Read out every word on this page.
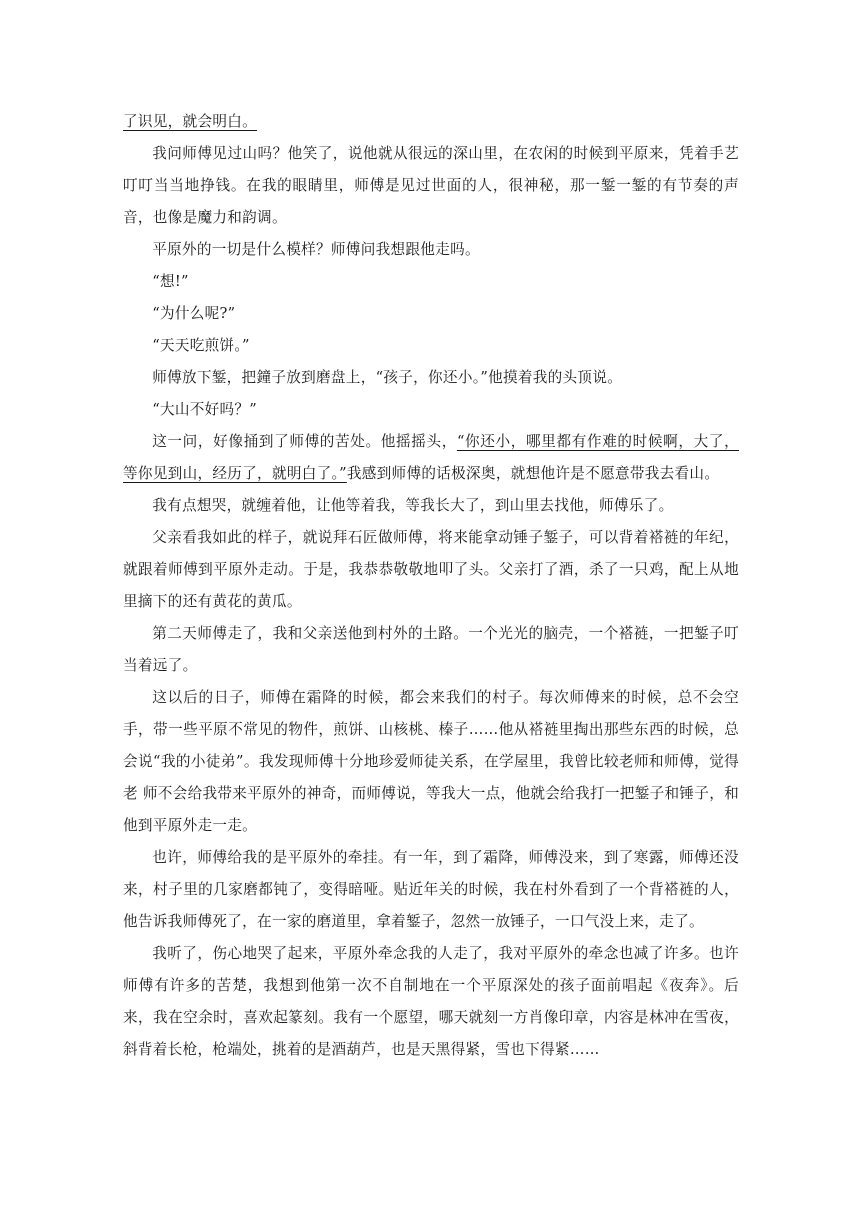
了识见，就会明白。

我问师傅见过山吗？他笑了，说他就从很远的深山里，在农闲的时候到平原来，凭着手艺 叮叮当当地挣钱。在我的眼睛里，师傅是见过世面的人，很神秘，那一錾一錾的有节奏的声 音，也像是魔力和韵调。

平原外的一切是什么模样？师傅问我想跟他走吗。

“想!”

“为什么呢?”

“天天吃煎饼。”

师傅放下錾，把鐘子放到磨盘上，“孩子，你还小。”他摸着我的头顶说。

“大山不好吗？”

这一问，好像捅到了师傅的苦处。他摇摇头，“你还小，哪里都有作难的时候啊，大了，等你见到山，经历了，就明白了。”我感到师傅的话极深奥，就想他许是不愿意带我去看山。

我有点想哭，就缠着他，让他等着我，等我长大了，到山里去找他，师傅乐了。

父亲看我如此的样子，就说拜石匠做师傅，将来能拿动锤子錾子，可以背着褡裢的年纪，就跟着师傅到平原外走动。于是，我恭恭敬敬地叩了头。父亲打了酒，杀了一只鸡，配上从地 里摘下的还有黄花的黄瓜。

第二天师傅走了，我和父亲送他到村外的土路。一个光光的脑壳，一个褡裢，一把錾子叮当着远了。

这以后的日子，师傅在霜降的时候，都会来我们的村子。每次师傅来的时候，总不会空手，带一些平原不常见的物件，煎饼、山核桃、榛子……他从褡裢里掏出那些东西的时候，总会说“我的小徒弟”。我发现师傅十分地珍爱师徒关系，在学屋里，我曾比较老师和师傅，觉得老 师不会给我带来平原外的神奇，而师傅说，等我大一点，他就会给我打一把錾子和锤子，和他到平原外走一走。

也许，师傅给我的是平原外的牵挂。有一年，到了霜降，师傅没来，到了寒露，师傅还没来，村子里的几家磨都钝了，变得暗哑。贴近年关的时候，我在村外看到了一个背褡裢的人，他告诉我师傅死了，在一家的磨道里，拿着錾子，忽然一放锤子，一口气没上来，走了。

我听了，伤心地哭了起来，平原外牵念我的人走了，我对平原外的牵念也减了许多。也许师傅有许多的苦楚，我想到他第一次不自制地在一个平原深处的孩子面前唱起《夜奔》。后来，我在空余时，喜欢起篆刻。我有一个愿望，哪天就刻一方肖像印章，内容是林冲在雪夜，斜背着长枪，枪端处，挑着的是酒葫芦，也是天黑得紧，雪也下得紧……
